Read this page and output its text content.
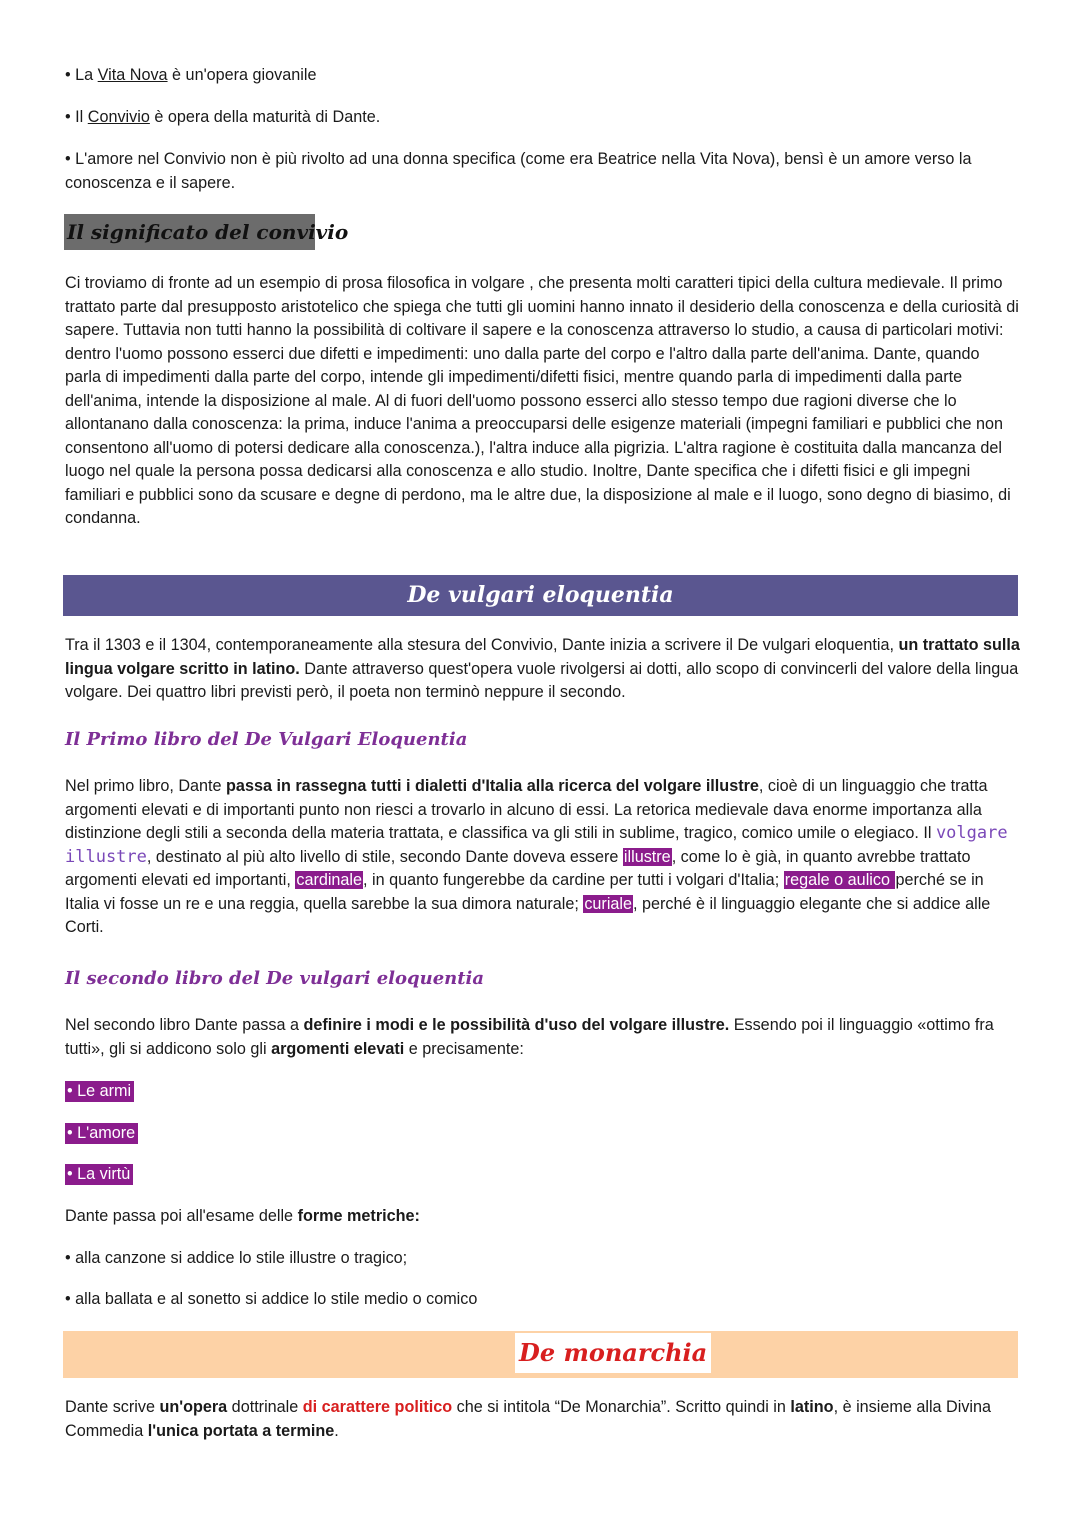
• La Vita Nova è un'opera giovanile

• Il Convivio è opera della maturità di Dante.

• L'amore nel Convivio non è più rivolto ad una donna specifica (come era Beatrice nella Vita Nova), bensì è un amore verso la conoscenza e il sapere.

Il significato del convivio

Ci troviamo di fronte ad un esempio di prosa filosofica in volgare , che presenta molti caratteri tipici della cultura medievale. Il primo trattato parte dal presupposto aristotelico che spiega che tutti gli uomini hanno innato il desiderio della conoscenza e della curiosità di sapere. Tuttavia non tutti hanno la possibilità di coltivare il sapere e la conoscenza attraverso lo studio, a causa di particolari motivi: dentro l'uomo possono esserci due difetti e impedimenti: uno dalla parte del corpo e l'altro dalla parte dell'anima. Dante, quando parla di impedimenti dalla parte del corpo, intende gli impedimenti/difetti fisici, mentre quando parla di impedimenti dalla parte dell'anima, intende la disposizione al male. Al di fuori dell'uomo possono esserci allo stesso tempo due ragioni diverse che lo allontanano dalla conoscenza: la prima, induce l'anima a preoccuparsi delle esigenze materiali (impegni familiari e pubblici che non consentono all'uomo di potersi dedicare alla conoscenza.), l'altra induce alla pigrizia. L'altra ragione è costituita dalla mancanza del luogo nel quale la persona possa dedicarsi alla conoscenza e allo studio. Inoltre, Dante specifica che i difetti fisici e gli impegni familiari e pubblici sono da scusare e degne di perdono, ma le altre due, la disposizione al male e il luogo, sono degno di biasimo, di condanna.

De vulgari eloquentia

Tra il 1303 e il 1304, contemporaneamente alla stesura del Convivio, Dante inizia a scrivere il De vulgari eloquentia, un trattato sulla lingua volgare scritto in latino. Dante attraverso quest'opera vuole rivolgersi ai dotti, allo scopo di convincerli del valore della lingua volgare. Dei quattro libri previsti però, il poeta non terminò neppure il secondo.

Il Primo libro del De Vulgari Eloquentia

Nel primo libro, Dante passa in rassegna tutti i dialetti d'Italia alla ricerca del volgare illustre, cioè di un linguaggio che tratta argomenti elevati e di importanti punto non riesci a trovarlo in alcuno di essi. La retorica medievale dava enorme importanza alla distinzione degli stili a seconda della materia trattata, e classifica va gli stili in sublime, tragico, comico umile o elegiaco. Il volgare illustre, destinato al più alto livello di stile, secondo Dante doveva essere illustre, come lo è già, in quanto avrebbe trattato argomenti elevati ed importanti, cardinale, in quanto fungerebbe da cardine per tutti i volgari d'Italia; regale o aulico perché se in Italia vi fosse un re e una reggia, quella sarebbe la sua dimora naturale; curiale, perché è il linguaggio elegante che si addice alle Corti.

Il secondo libro del De vulgari eloquentia

Nel secondo libro Dante passa a definire i modi e le possibilità d'uso del volgare illustre. Essendo poi il linguaggio «ottimo fra tutti», gli si addicono solo gli argomenti elevati e precisamente:

• Le armi
• L'amore
• La virtù

Dante passa poi all'esame delle forme metriche:

• alla canzone si addice lo stile illustre o tragico;

• alla ballata e al sonetto si addice lo stile medio o comico

De monarchia

Dante scrive un'opera dottrinale di carattere politico che si intitola “De Monarchia”. Scritto quindi in latino, è insieme alla Divina Commedia l'unica portata a termine.
